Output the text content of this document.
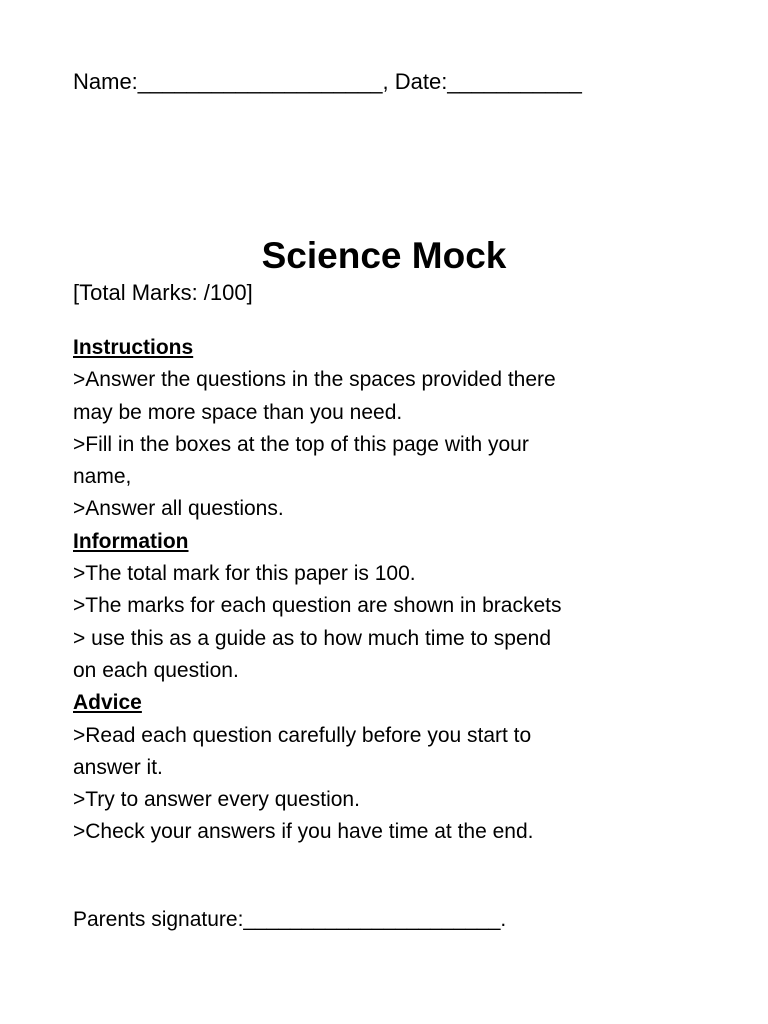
Name:____________________, Date:___________
Science Mock
[Total Marks: /100]
Instructions
>Answer the questions in the spaces provided there
may be more space than you need.
>Fill in the boxes at the top of this page with your
name,
>Answer all questions.
Information
>The total mark for this paper is 100.
>The marks for each question are shown in brackets
> use this as a guide as to how much time to spend
on each question.
Advice
>Read each question carefully before you start to
answer it.
>Try to answer every question.
>Check your answers if you have time at the end.
Parents signature:______________________.
